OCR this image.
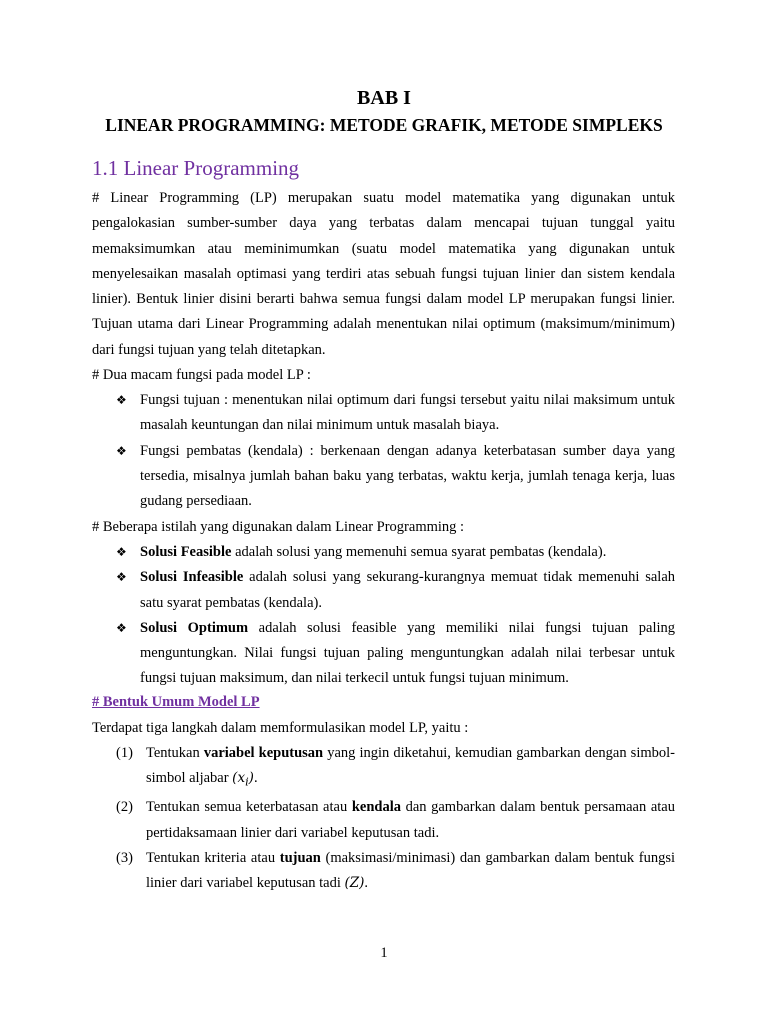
BAB I
LINEAR PROGRAMMING: METODE GRAFIK, METODE SIMPLEKS
1.1 Linear Programming
# Linear Programming (LP) merupakan suatu model matematika yang digunakan untuk pengalokasian sumber-sumber daya yang terbatas dalam mencapai tujuan tunggal yaitu memaksimumkan atau meminimumkan (suatu model matematika yang digunakan untuk menyelesaikan masalah optimasi yang terdiri atas sebuah fungsi tujuan linier dan sistem kendala linier). Bentuk linier disini berarti bahwa semua fungsi dalam model LP merupakan fungsi linier. Tujuan utama dari Linear Programming adalah menentukan nilai optimum (maksimum/minimum) dari fungsi tujuan yang telah ditetapkan.
# Dua macam fungsi pada model LP :
❖ Fungsi tujuan : menentukan nilai optimum dari fungsi tersebut yaitu nilai maksimum untuk masalah keuntungan dan nilai minimum untuk masalah biaya.
❖ Fungsi pembatas (kendala) : berkenaan dengan adanya keterbatasan sumber daya yang tersedia, misalnya jumlah bahan baku yang terbatas, waktu kerja, jumlah tenaga kerja, luas gudang persediaan.
# Beberapa istilah yang digunakan dalam Linear Programming :
❖ Solusi Feasible adalah solusi yang memenuhi semua syarat pembatas (kendala).
❖ Solusi Infeasible adalah solusi yang sekurang-kurangnya memuat tidak memenuhi salah satu syarat pembatas (kendala).
❖ Solusi Optimum adalah solusi feasible yang memiliki nilai fungsi tujuan paling menguntungkan. Nilai fungsi tujuan paling menguntungkan adalah nilai terbesar untuk fungsi tujuan maksimum, dan nilai terkecil untuk fungsi tujuan minimum.
# Bentuk Umum Model LP
Terdapat tiga langkah dalam memformulasikan model LP, yaitu :
(1) Tentukan variabel keputusan yang ingin diketahui, kemudian gambarkan dengan simbol-simbol aljabar $(x_i)$.
(2) Tentukan semua keterbatasan atau kendala dan gambarkan dalam bentuk persamaan atau pertidaksamaan linier dari variabel keputusan tadi.
(3) Tentukan kriteria atau tujuan (maksimasi/minimasi) dan gambarkan dalam bentuk fungsi linier dari variabel keputusan tadi (Z).
1
